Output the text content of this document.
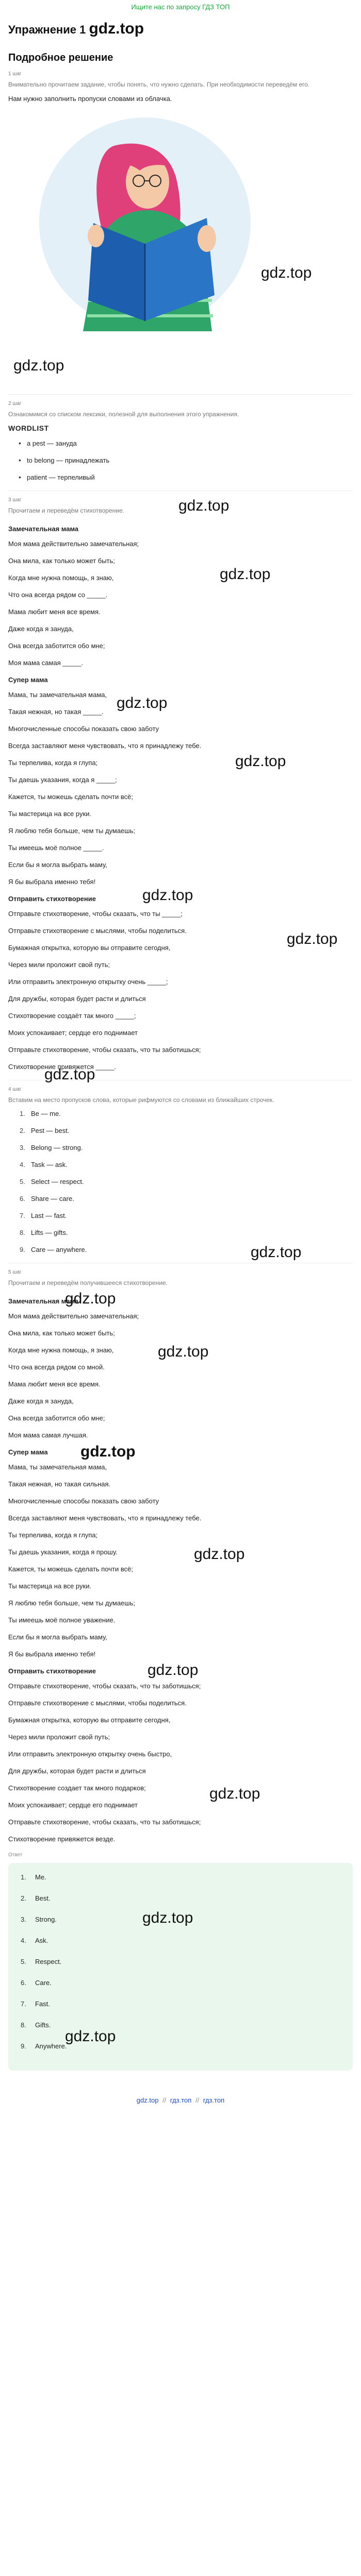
Ищите нас по запросу ГДЗ ТОП
Упражнение 1 gdz.top
Подробное решение
1 шаг
Внимательно прочитаем задание, чтобы понять, что нужно сделать. При необходимости переведём его.
Нам нужно заполнить пропуски словами из облачка.
gdz.top
gdz.top
2 шаг
Ознакомимся со списком лексики, полезной для выполнения этого упражнения.
WORDLIST
• a pest — зануда
• to belong — принадлежать
• patient — терпеливый
3 шаг
Прочитаем и переведём стихотворение.	gdz.top
Замечательная мама
Моя мама действительно замечательная;
Она мила, как только может быть;
Когда мне нужна помощь, я знаю,
Что она всегда рядом со _____.
Мама любит меня все время.
Даже когда я зануда,
Она всегда заботится обо мне;
Моя мама самая _____.
gdz.top
gdz.top
Супер мама
Мама, ты замечательная мама,
Такая нежная, но такая _____.
Многочисленные способы показать свою заботу
Всегда заставляют меня чувствовать, что я принадлежу тебе.
Ты терпелива, когда я глупа;
Ты даешь указания, когда я _____;
Кажется, ты можешь сделать почти всё;
Ты мастерица на все руки.
Я люблю тебя больше, чем ты думаешь;
Ты имеешь моё полное _____.
Если бы я могла выбрать маму,
Я бы выбрала именно тебя!
gdz.top
gdz.top
Отправить стихотворение
Отправьте стихотворение, чтобы сказать, что ты _____;
Отправьте стихотворение с мыслями, чтобы поделиться.
Бумажная открытка, которую вы отправите сегодня,
Через мили проложит свой путь;
Или отправить электронную открытку очень _____;
Для дружбы, которая будет расти и длиться
Стихотворение создаёт так много _____;
Моих успокаивает; сердце его поднимает
Отправьте стихотворение, чтобы сказать, что ты заботишься;
Стихотворение привяжется _____.
gdz.top
gdz.top
4 шаг
Вставим на место пропусков слова, которые рифмуются со словами из ближайших строчек.
1. Be — me.
2. Pest — best.
3. Belong — strong.
4. Task — ask.
5. Select — respect.
6. Share — care.
7. Last — fast.
8. Lifts — gifts.
9. Care — anywhere.	gdz.top
gdz.top
5 шаг
Прочитаем и переведём получившееся стихотворение.
Замечательная мама
Моя мама действительно замечательная;
Она мила, как только может быть;
Когда мне нужна помощь, я знаю,
Что она всегда рядом со мной.
Мама любит меня все время.
Даже когда я зануда,
Она всегда заботится обо мне;
Моя мама самая лучшая.
gdz.top
Супер мама gdz.top
Мама, ты замечательная мама,
Такая нежная, но такая сильная.
Многочисленные способы показать свою заботу
Всегда заставляют меня чувствовать, что я принадлежу тебе.
Ты терпелива, когда я глупа;
Ты даешь указания, когда я прошу.
Кажется, ты можешь сделать почти всё;
Ты мастерица на все руки.
Я люблю тебя больше, чем ты думаешь;
Ты имеешь моё полное уважение.
Если бы я могла выбрать маму,
Я бы выбрала именно тебя!
gdz.top
Отправить стихотворение
Отправьте стихотворение, чтобы сказать, что ты заботишься;
Отправьте стихотворение с мыслями, чтобы поделиться.
Бумажная открытка, которую вы отправите сегодня,
Через мили проложит свой путь;
Или отправить электронную открытку очень быстро,
Для дружбы, которая будет расти и длиться
Стихотворение создает так много подарков;
Моих успокаивает; сердце его поднимает
Отправьте стихотворение, чтобы сказать, что ты заботишься;
Стихотворение привяжется везде.
gdz.top
gdz.top
Ответ
1.	Me.
2.	Best.
3.	Strong.
4.	Ask.
5.	Respect.
6.	Care.
7.	Fast.
8.	Gifts.
9.	Anywhere.
gdz.top
gdz.top
gdz.top // гдз.топ // гдз.топ
